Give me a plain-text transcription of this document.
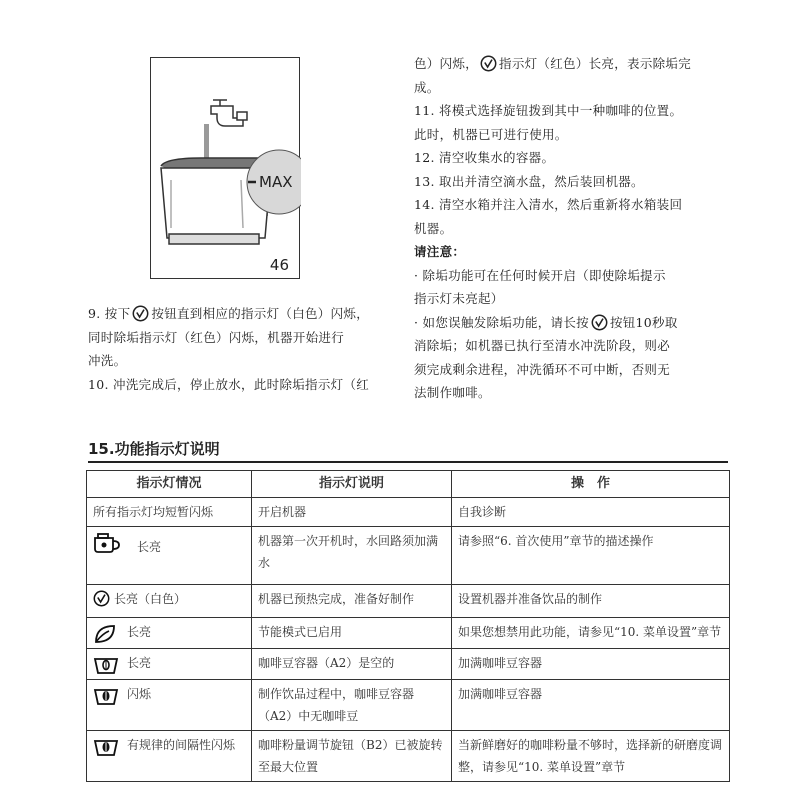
MAX
46

9. 按下 按钮直到相应的指示灯（白色）闪烁，

同时除垢指示灯（红色）闪烁，机器开始进行

冲洗。

10. 冲洗完成后，停止放水，此时除垢指示灯（红

色）闪烁， 指示灯（红色）长亮，表示除垢完

成。

11. 将模式选择旋钮拨到其中一种咖啡的位置。

此时，机器已可进行使用。

12. 清空收集水的容器。

13. 取出并清空滴水盘，然后装回机器。

14. 清空水箱并注入清水，然后重新将水箱装回

机器。

请注意：

· 除垢功能可在任何时候开启（即使除垢提示

指示灯未亮起）

· 如您误触发除垢功能，请长按 按钮10秒取

消除垢；如机器已执行至清水冲洗阶段，则必

须完成剩余进程，冲洗循环不可中断，否则无

法制作咖啡。

15.功能指示灯说明
指示灯情况	指示灯说明	操　作
所有指示灯均短暂闪烁	开启机器	自我诊断

长亮	机器第一次开机时，水回路须加满水	请参照“6. 首次使用”章节的描述操作

长亮（白色）	机器已预热完成，准备好制作	设置机器并准备饮品的制作

长亮	节能模式已启用	如果您想禁用此功能，请参见“10. 菜单设置”章节

长亮	咖啡豆容器（A2）是空的	加满咖啡豆容器

闪烁	制作饮品过程中，咖啡豆容器（A2）中无咖啡豆	加满咖啡豆容器

有规律的间隔性闪烁	咖啡粉量调节旋钮（B2）已被旋转至最大位置	当新鲜磨好的咖啡粉量不够时，选择新的研磨度调整，请参见“10. 菜单设置”章节
